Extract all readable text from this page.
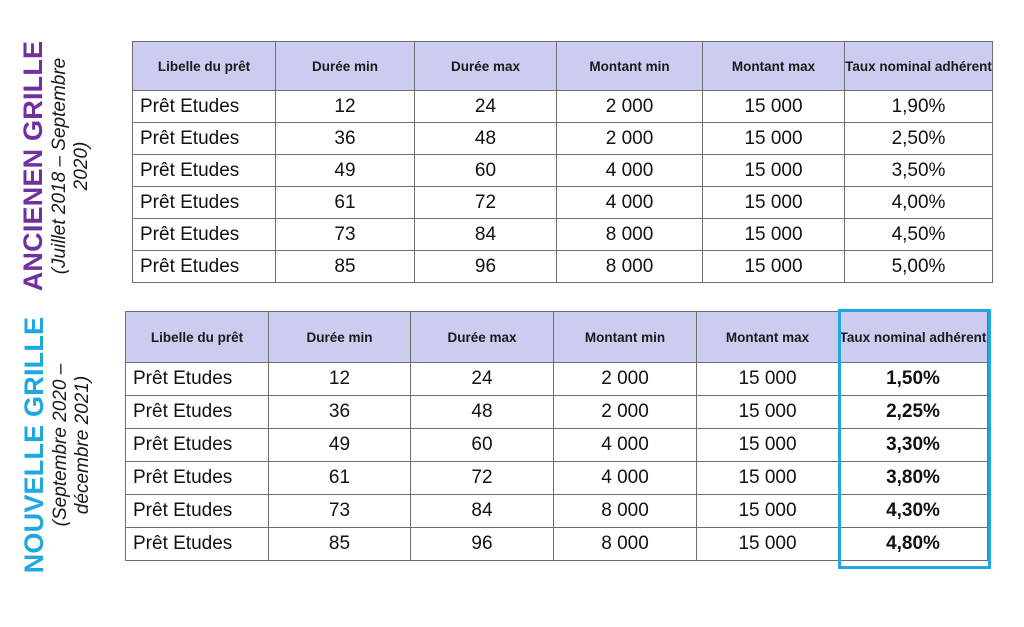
ANCIENEN GRILLE (Juillet 2018 – Septembre 2020)
NOUVELLE GRILLE (Septembre 2020 – décembre 2021)
Libelle du prêt	Durée min	Durée max	Montant min	Montant max	Taux nominal adhérent
Prêt Etudes	12	24	2 000	15 000	1,90%
Prêt Etudes	36	48	2 000	15 000	2,50%
Prêt Etudes	49	60	4 000	15 000	3,50%
Prêt Etudes	61	72	4 000	15 000	4,00%
Prêt Etudes	73	84	8 000	15 000	4,50%
Prêt Etudes	85	96	8 000	15 000	5,00%
Libelle du prêt	Durée min	Durée max	Montant min	Montant max	Taux nominal adhérent
Prêt Etudes	12	24	2 000	15 000	1,50%
Prêt Etudes	36	48	2 000	15 000	2,25%
Prêt Etudes	49	60	4 000	15 000	3,30%
Prêt Etudes	61	72	4 000	15 000	3,80%
Prêt Etudes	73	84	8 000	15 000	4,30%
Prêt Etudes	85	96	8 000	15 000	4,80%
